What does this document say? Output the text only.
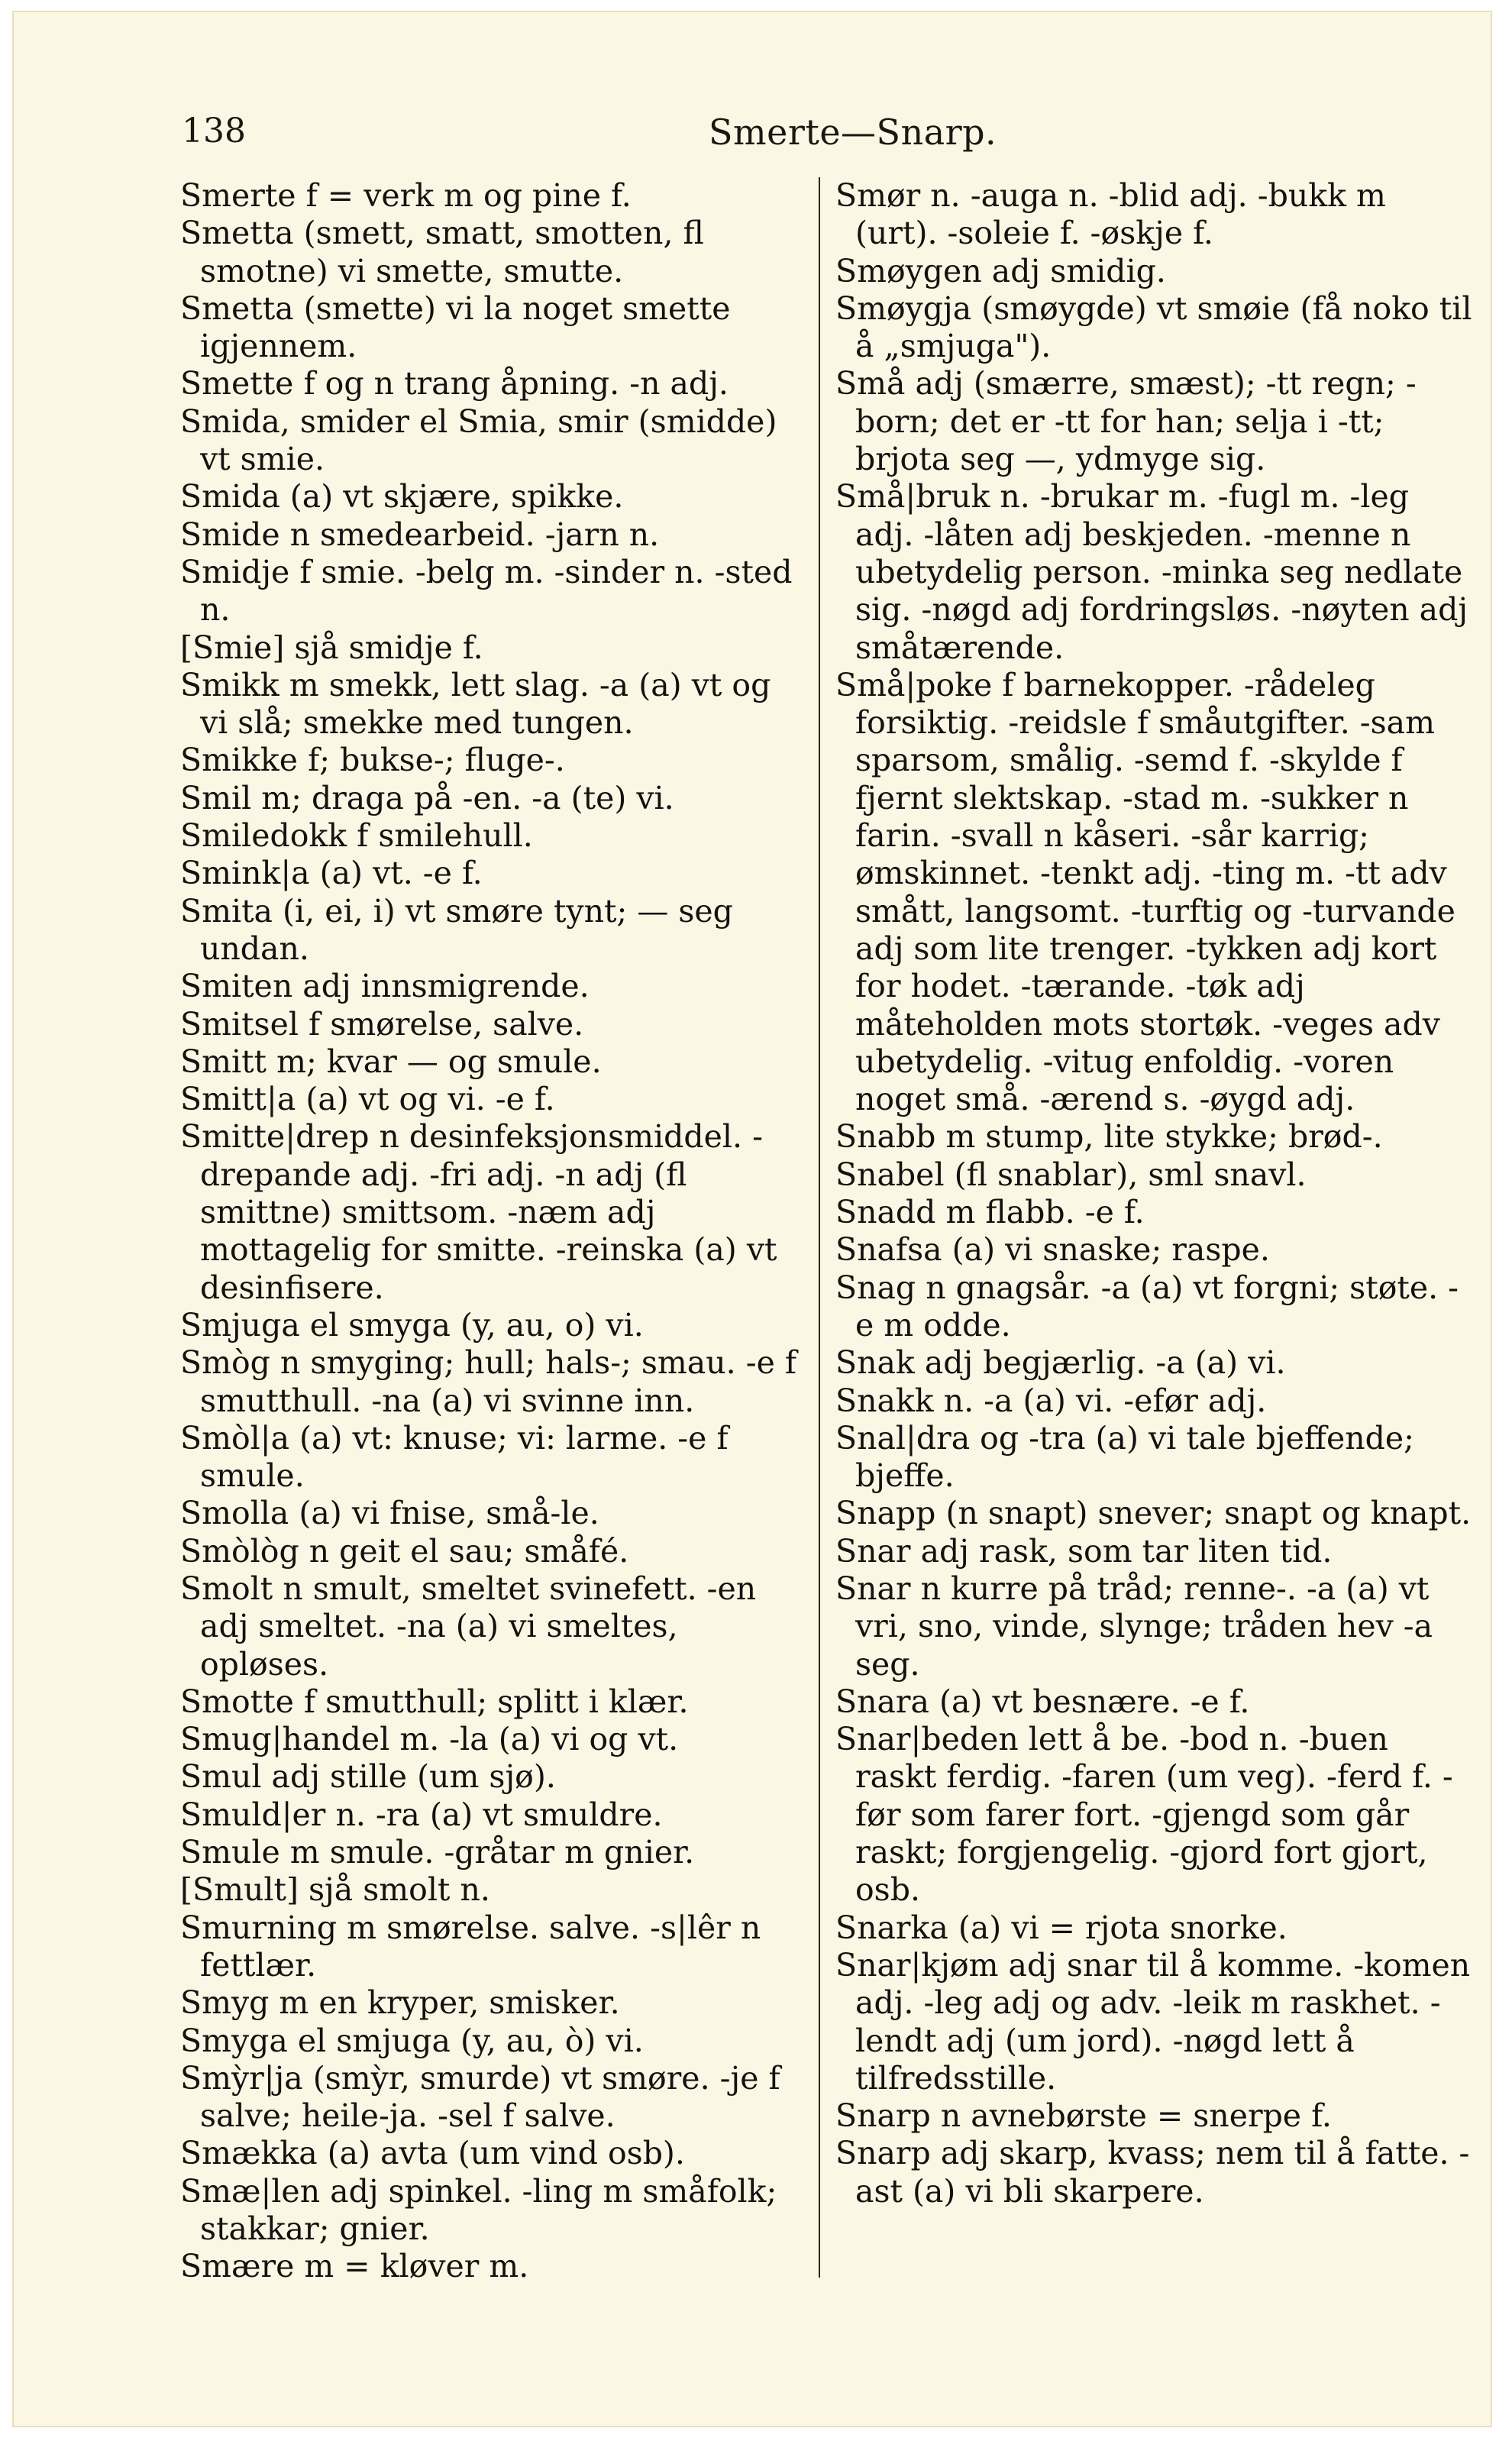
138	Smerte—Snarp.

Smerte f = verk m og pine f.

Smetta (smett, smatt, smotten, fl smotne) vi smette, smutte.

Smetta (smette) vi la noget smette igjennem.

Smette f og n trang åpning. -n adj.

Smida, smider el Smia, smir (smidde) vt smie.

Smida (a) vt skjære, spikke.

Smide n smedearbeid. -jarn n.

Smidje f smie. -belg m. -sinder n. -sted n.

[Smie] sjå smidje f.

Smikk m smekk, lett slag. -a (a) vt og vi slå; smekke med tungen.

Smikke f; bukse-; fluge-.

Smil m; draga på -en. -a (te) vi.

Smiledokk f smilehull.

Smink|a (a) vt. -e f.

Smita (i, ei, i) vt smøre tynt; — seg undan.

Smiten adj innsmigrende.

Smitsel f smørelse, salve.

Smitt m; kvar — og smule.

Smitt|a (a) vt og vi. -e f.

Smitte|drep n desinfeksjonsmiddel. -drepande adj. -fri adj. -n adj (fl smittne) smittsom. -næm adj mottagelig for smitte. -reinska (a) vt desinfisere.

Smjuga el smyga (y, au, o) vi.

Smòg n smyging; hull; hals-; smau. -e f smutthull. -na (a) vi svinne inn.

Smòl|a (a) vt: knuse; vi: larme. -e f smule.

Smolla (a) vi fnise, små-le.

Smòlòg n geit el sau; småfé.

Smolt n smult, smeltet svinefett. -en adj smeltet. -na (a) vi smeltes, opløses.

Smotte f smutthull; splitt i klær.

Smug|handel m. -la (a) vi og vt.

Smul adj stille (um sjø).

Smuld|er n. -ra (a) vt smuldre.

Smule m smule. -gråtar m gnier.

[Smult] sjå smolt n.

Smurning m smørelse. salve. -s|lêr n fettlær.

Smyg m en kryper, smisker.

Smyga el smjuga (y, au, ò) vi.

Smỳr|ja (smỳr, smurde) vt smøre. -je f salve; heile-ja. -sel f salve.

Smækka (a) avta (um vind osb).

Smæ|len adj spinkel. -ling m småfolk; stakkar; gnier.

Smære m = kløver m.

Smør n. -auga n. -blid adj. -bukk m (urt). -soleie f. -øskje f.

Smøygen adj smidig.

Smøygja (smøygde) vt smøie (få noko til å „smjuga").

Små adj (smærre, smæst); -tt regn; -born; det er -tt for han; selja i -tt; brjota seg —, ydmyge sig.

Små|bruk n. -brukar m. -fugl m. -leg adj. -låten adj beskjeden. -menne n ubetydelig person. -minka seg nedlate sig. -nøgd adj fordringsløs. -nøyten adj småtærende.

Små|poke f barnekopper. -rådeleg forsiktig. -reidsle f småutgifter. -sam sparsom, smålig. -semd f. -skylde f fjernt slektskap. -stad m. -sukker n farin. -svall n kåseri. -sår karrig; ømskinnet. -tenkt adj. -ting m. -tt adv smått, langsomt. -turftig og -turvande adj som lite trenger. -tykken adj kort for hodet. -tærande. -tøk adj måteholden mots stortøk. -veges adv ubetydelig. -vitug enfoldig. -voren noget små. -ærend s. -øygd adj.

Snabb m stump, lite stykke; brød-.

Snabel (fl snablar), sml snavl.

Snadd m flabb. -e f.

Snafsa (a) vi snaske; raspe.

Snag n gnagsår. -a (a) vt forgni; støte. -e m odde.

Snak adj begjærlig. -a (a) vi.

Snakk n. -a (a) vi. -efør adj.

Snal|dra og -tra (a) vi tale bjeffende; bjeffe.

Snapp (n snapt) snever; snapt og knapt.

Snar adj rask, som tar liten tid.

Snar n kurre på tråd; renne-. -a (a) vt vri, sno, vinde, slynge; tråden hev -a seg.

Snara (a) vt besnære. -e f.

Snar|beden lett å be. -bod n. -buen raskt ferdig. -faren (um veg). -ferd f. -før som farer fort. -gjengd som går raskt; forgjengelig. -gjord fort gjort, osb.

Snarka (a) vi = rjota snorke.

Snar|kjøm adj snar til å komme. -komen adj. -leg adj og adv. -leik m raskhet. -lendt adj (um jord). -nøgd lett å tilfredsstille.

Snarp n avnebørste = snerpe f.

Snarp adj skarp, kvass; nem til å fatte. -ast (a) vi bli skarpere.
